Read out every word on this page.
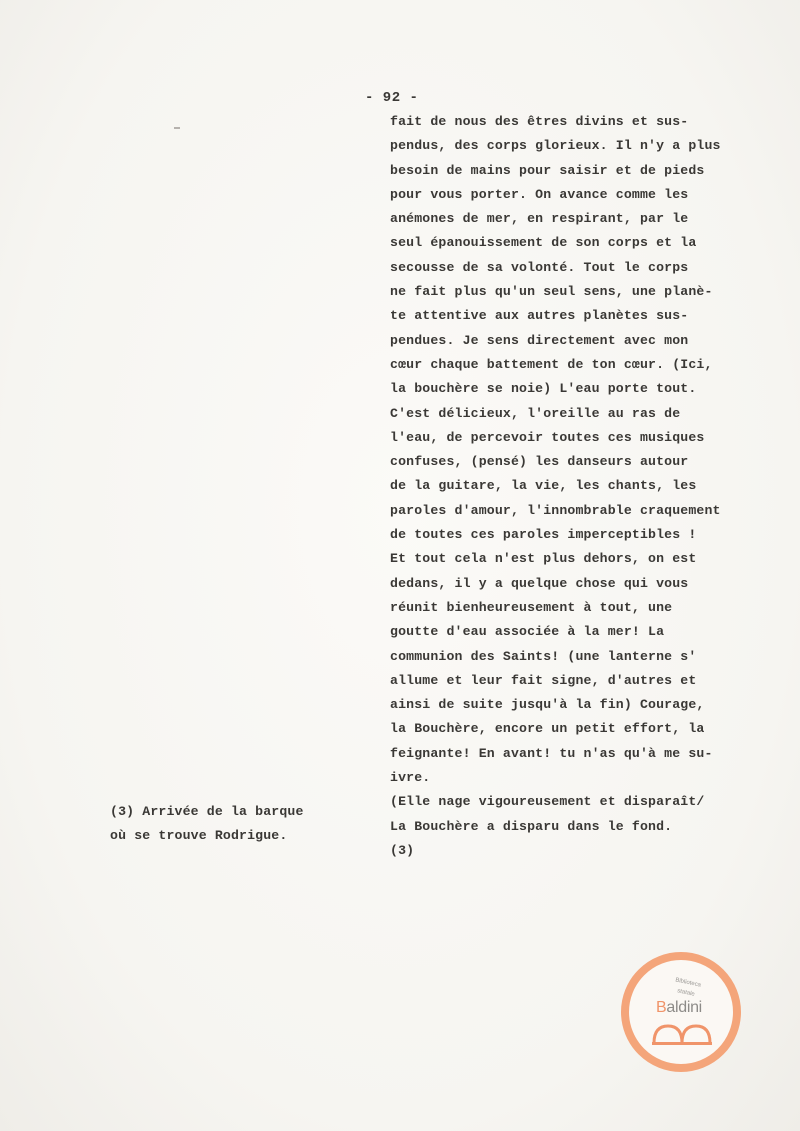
- 92 -
fait de nous des êtres divins et sus-
pendus, des corps glorieux. Il n'y a plus
besoin de mains pour saisir et de pieds
pour vous porter. On avance comme les
anémones de mer, en respirant, par le
seul épanouissement de son corps et la
secousse de sa volonté. Tout le corps
ne fait plus qu'un seul sens, une planè-
te attentive aux autres planètes sus-
pendues. Je sens directement avec mon
cœur chaque battement de ton cœur. (Ici,
la bouchère se noie) L'eau porte tout.
C'est délicieux, l'oreille au ras de
l'eau, de percevoir toutes ces musiques
confuses, (pensé) les danseurs autour
de la guitare, la vie, les chants, les
paroles d'amour, l'innombrable craquement
de toutes ces paroles imperceptibles !
Et tout cela n'est plus dehors, on est
dedans, il y a quelque chose qui vous
réunit bienheureusement à tout, une
goutte d'eau associée à la mer! La
communion des Saints! (une lanterne s'
allume et leur fait signe, d'autres et
ainsi de suite jusqu'à la fin) Courage,
la Bouchère, encore un petit effort, la
feignante! En avant! tu n'as qu'à me su-
ivre.
(Elle nage vigoureusement et disparaît/
La Bouchère a disparu dans le fond.
(3)
(3) Arrivée de la barque
où se trouve Rodrigue.
Biblioteca
statale
Baldini
